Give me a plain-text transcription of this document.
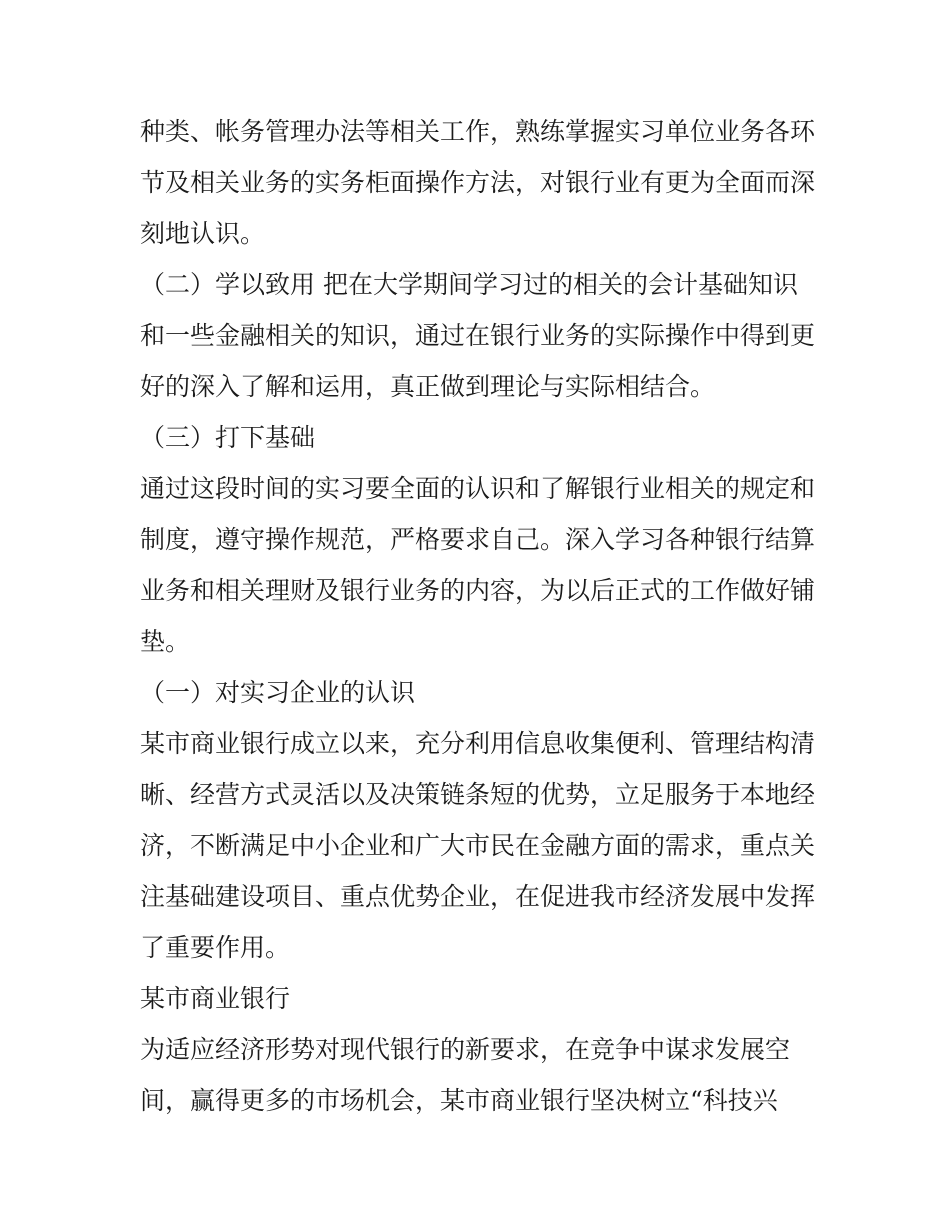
种类、帐务管理办法等相关工作，熟练掌握实习单位业务各环
节及相关业务的实务柜面操作方法，对银行业有更为全面而深
刻地认识。

（二）学以致用 把在大学期间学习过的相关的会计基础知识
和一些金融相关的知识，通过在银行业务的实际操作中得到更
好的深入了解和运用，真正做到理论与实际相结合。

（三）打下基础

通过这段时间的实习要全面的认识和了解银行业相关的规定和
制度，遵守操作规范，严格要求自己。深入学习各种银行结算
业务和相关理财及银行业务的内容，为以后正式的工作做好铺
垫。

（一）对实习企业的认识

某市商业银行成立以来，充分利用信息收集便利、管理结构清
晰、经营方式灵活以及决策链条短的优势，立足服务于本地经
济，不断满足中小企业和广大市民在金融方面的需求，重点关
注基础建设项目、重点优势企业，在促进我市经济发展中发挥
了重要作用。

某市商业银行

为适应经济形势对现代银行的新要求，在竞争中谋求发展空
间，赢得更多的市场机会，某市商业银行坚决树立“科技兴
